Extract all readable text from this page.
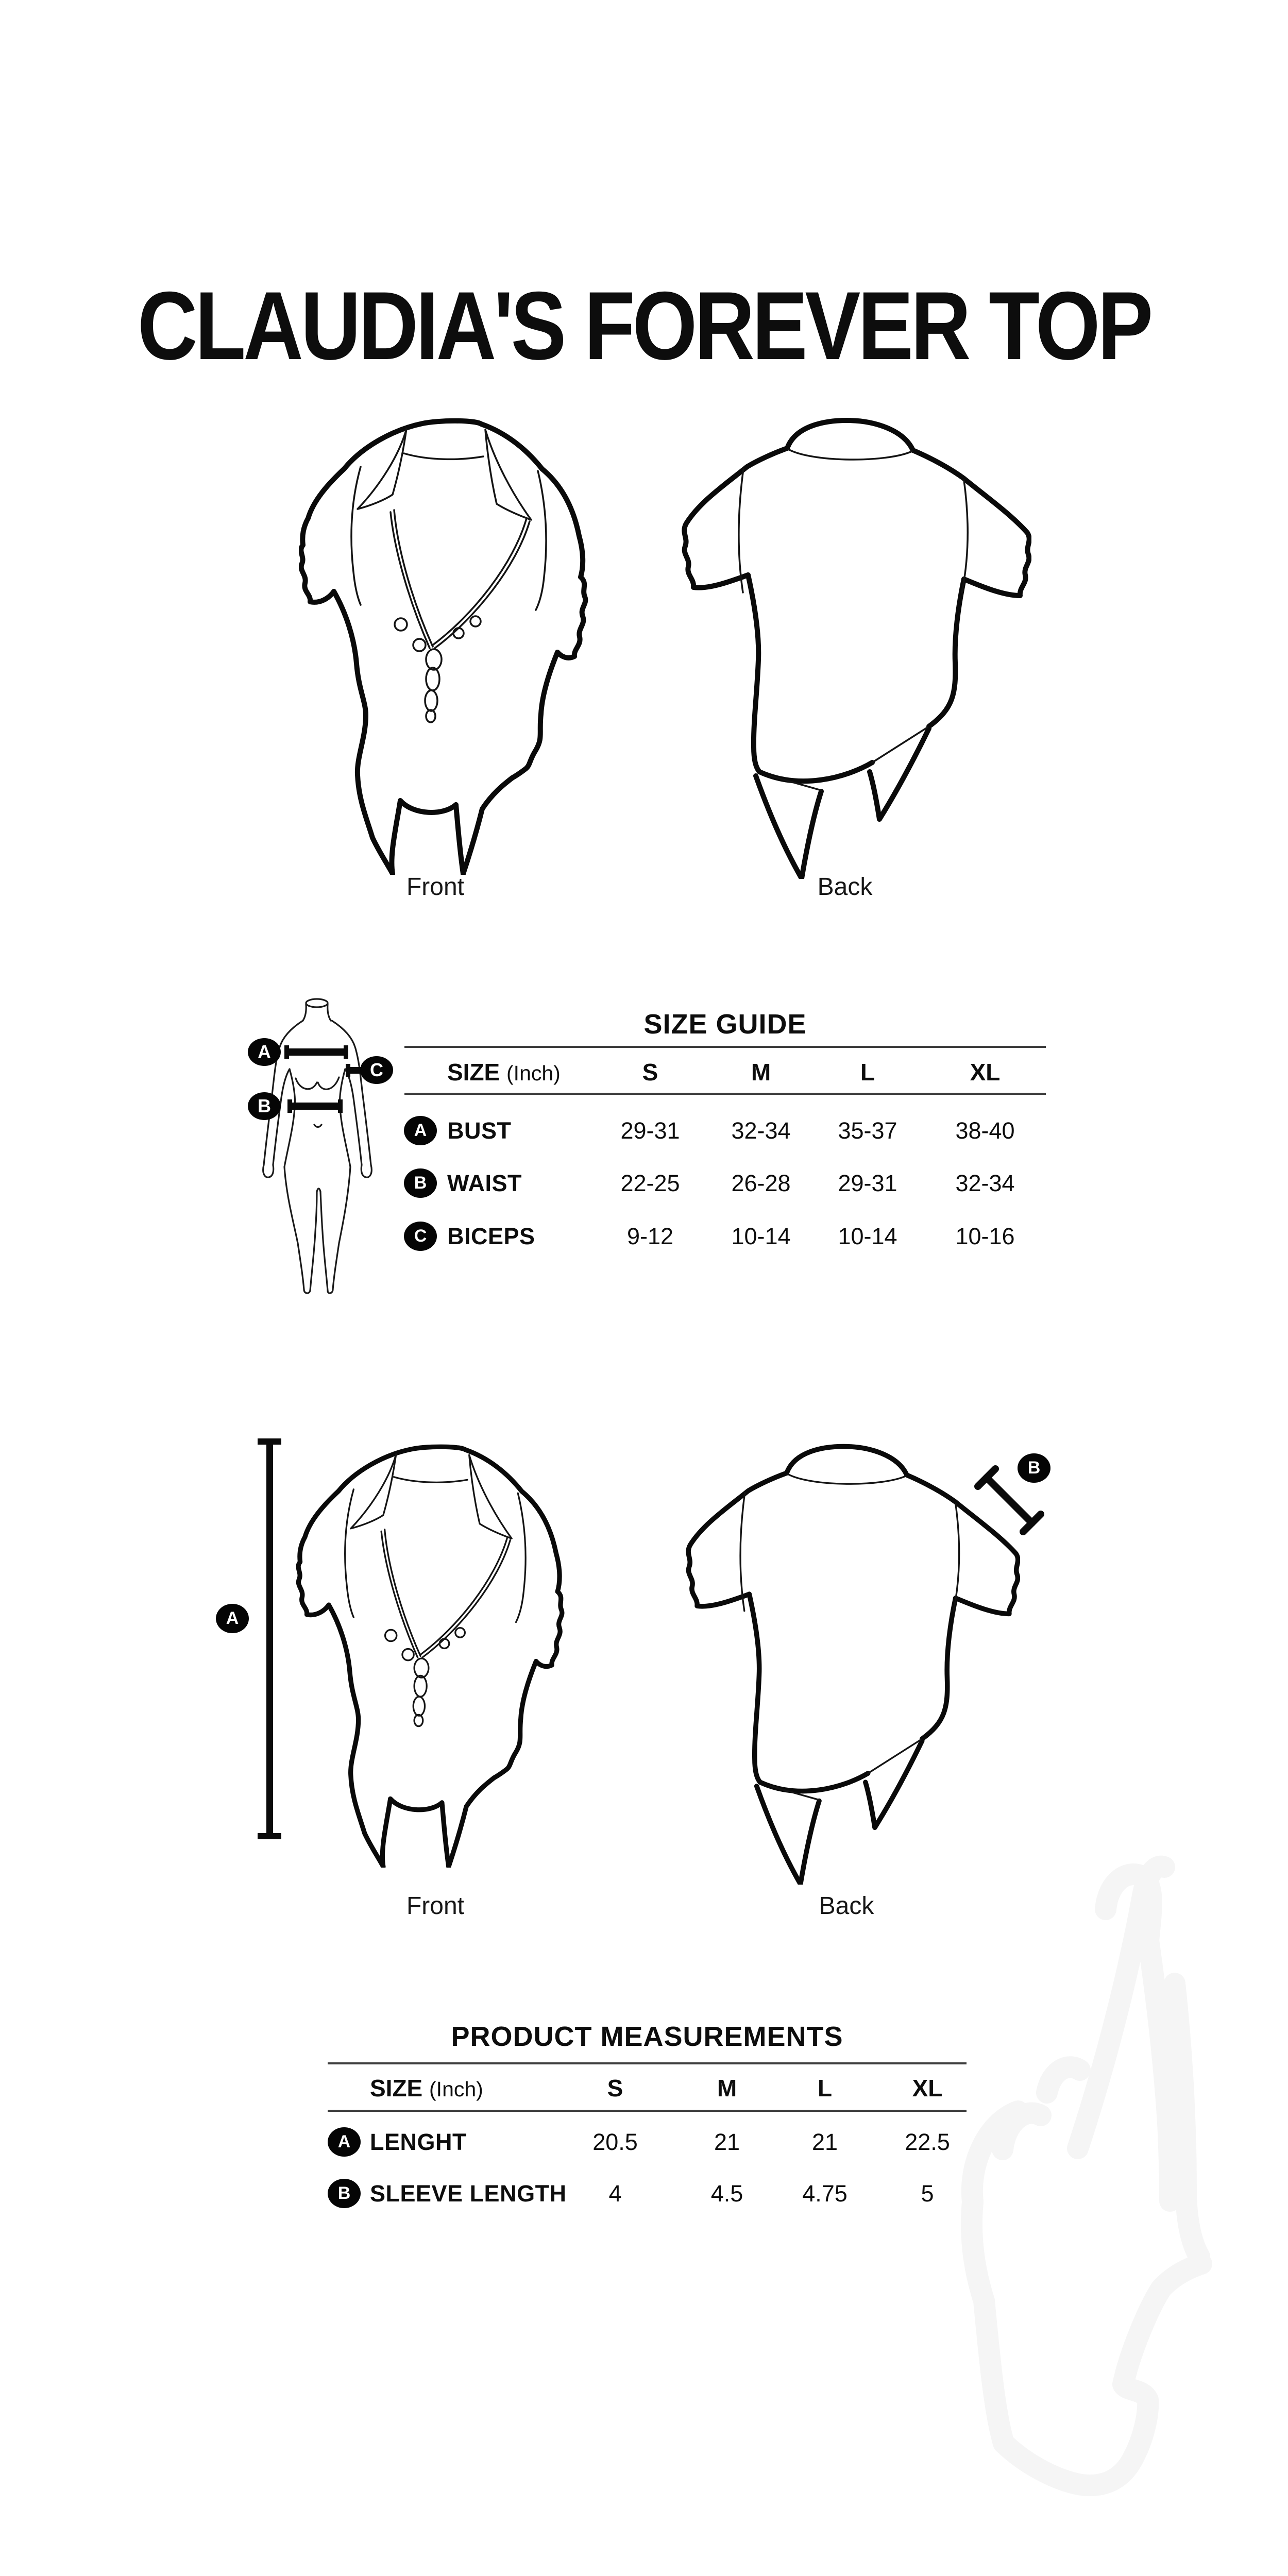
CLAUDIA'S FOREVER TOP
Front	Back
A
B
C
SIZE GUIDE
SIZE (Inch)	S	M	L	XL
A BUST	29-31 32-34 35-37	38-40
B WAIST	22-25 26-28 29-31	32-34
C BICEPS	9-12 10-14 10-14	10-16
A
B
Front	Back
PRODUCT MEASUREMENTS
SIZE (Inch)	S	M	L	XL
A LENGHT	20.5	21	21	22.5
B SLEEVE LENGTH 4	4.5	4.75	5
